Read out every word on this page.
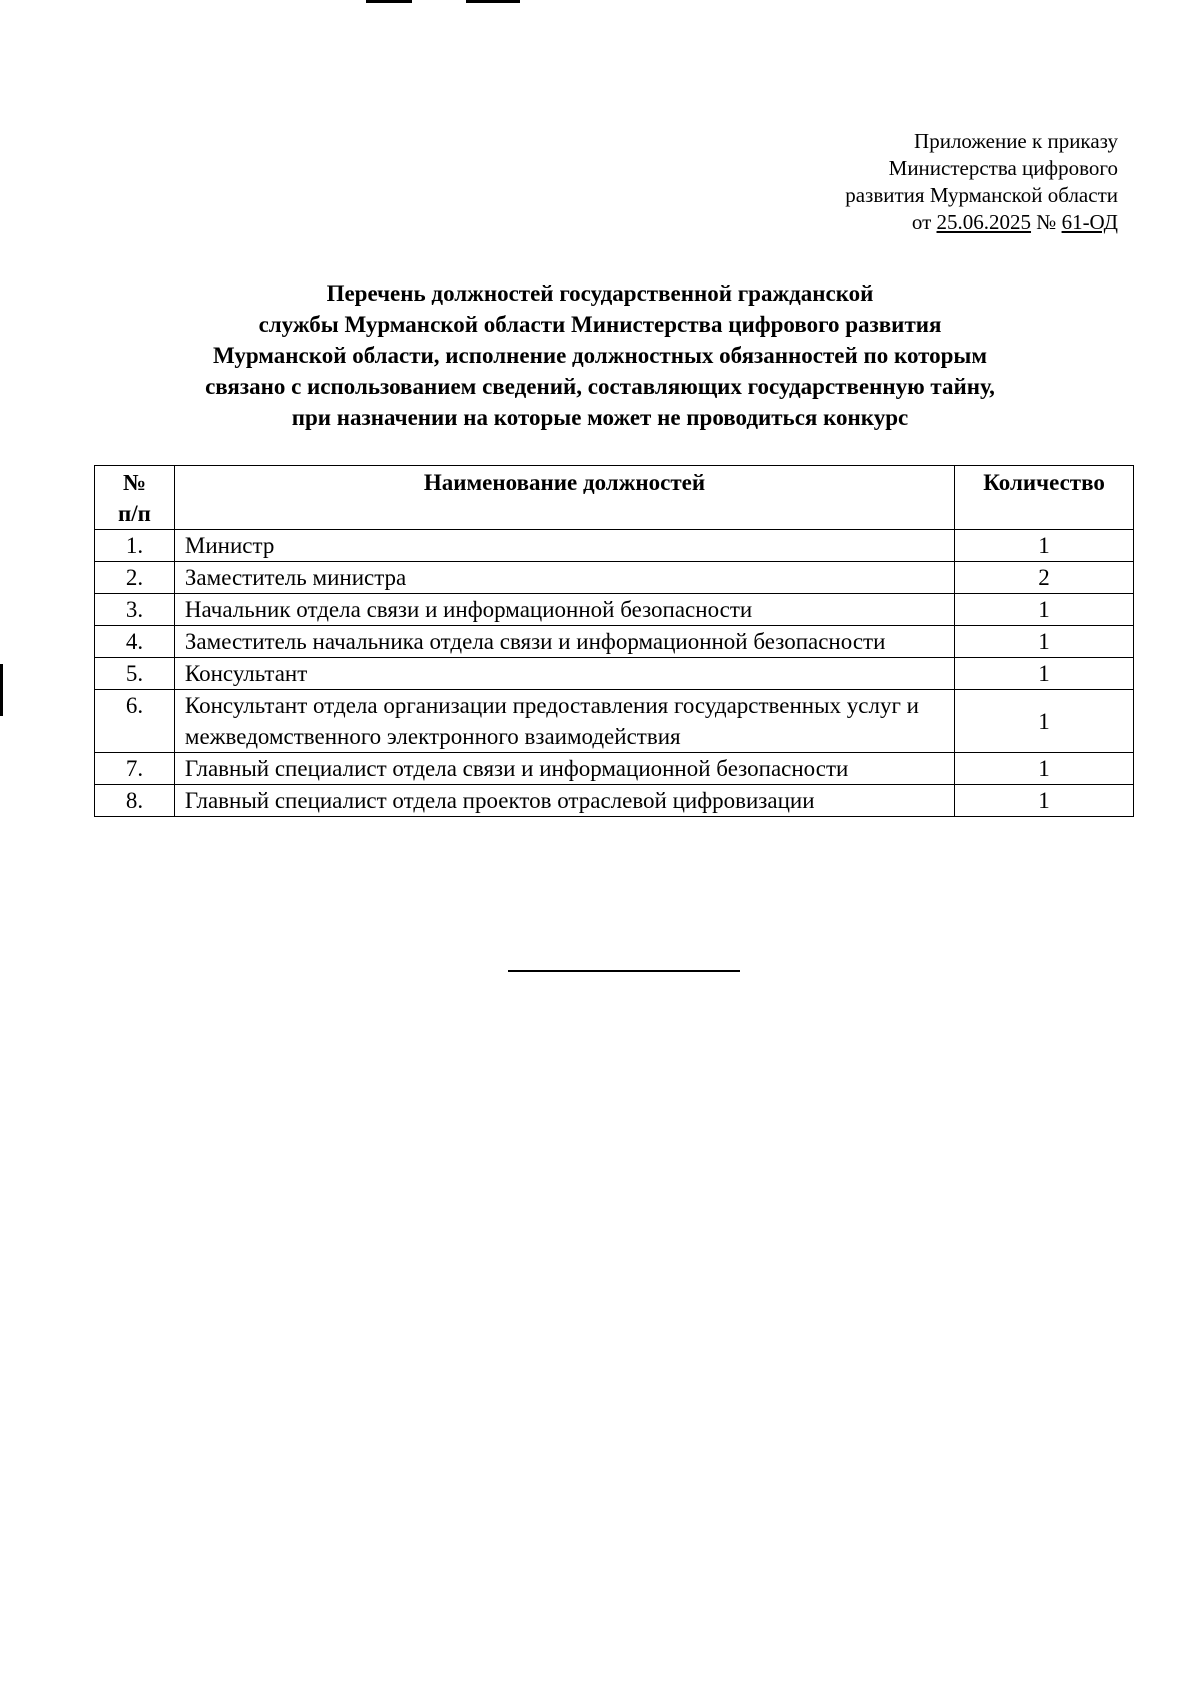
Приложение к приказу
Министерства цифрового
развития Мурманской области
от 25.06.2025 № 61-ОД
Перечень должностей государственной гражданской
службы Мурманской области Министерства цифрового развития
Мурманской области, исполнение должностных обязанностей по которым
связано с использованием сведений, составляющих государственную тайну,
при назначении на которые может не проводиться конкурс
№
п/п	Наименование должностей	Количество
1.	Министр	1
2.	Заместитель министра	2
3.	Начальник отдела связи и информационной безопасности	1
4.	Заместитель начальника отдела связи и информационной безопасности	1
5.	Консультант	1
6.	Консультант отдела организации предоставления государственных услуг и межведомственного электронного взаимодействия	1
7.	Главный специалист отдела связи и информационной безопасности	1
8.	Главный специалист отдела проектов отраслевой цифровизации	1
